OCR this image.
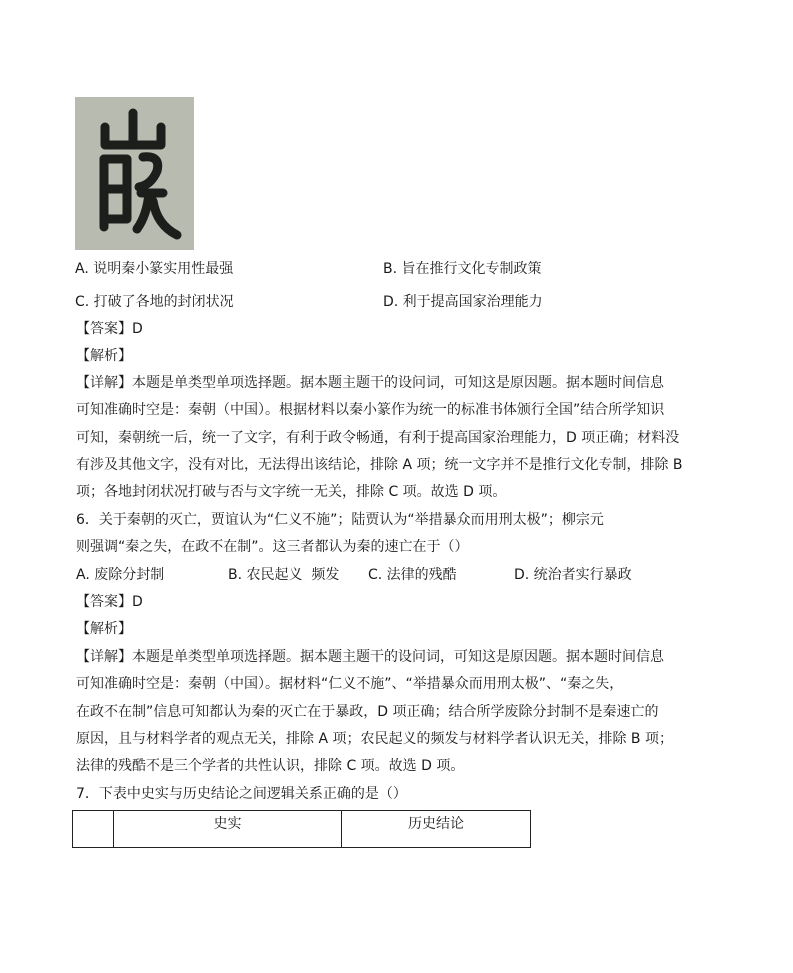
A. 说明秦小篆实用性最强	B. 旨在推行文化专制政策
C. 打破了各地的封闭状况	D. 利于提高国家治理能力
【答案】D
【解析】
【详解】本题是单类型单项选择题。据本题主题干的设问词，可知这是原因题。据本题时间信息
可知准确时空是：秦朝（中国）。根据材料以秦小篆作为统一的标准书体颁行全国”结合所学知识
可知，秦朝统一后，统一了文字，有利于政令畅通，有利于提高国家治理能力，D 项正确；材料没
有涉及其他文字，没有对比，无法得出该结论，排除 A 项；统一文字并不是推行文化专制，排除 B
项；各地封闭状况打破与否与文字统一无关，排除 C 项。故选 D 项。
6．关于秦朝的灭亡，贾谊认为“仁义不施”；陆贾认为“举措暴众而用刑太极”；柳宗元
则强调“秦之失，在政不在制”。这三者都认为秦的速亡在于（）
A. 废除分封制	B. 农民起义  频发 C. 法律的残酷	D. 统治者实行暴政
【答案】D
【解析】
【详解】本题是单类型单项选择题。据本题主题干的设问词，可知这是原因题。据本题时间信息
可知准确时空是：秦朝（中国）。据材料“仁义不施”、“举措暴众而用刑太极”、“秦之失，
在政不在制”信息可知都认为秦的灭亡在于暴政，D 项正确；结合所学废除分封制不是秦速亡的
原因，且与材料学者的观点无关，排除 A 项；农民起义的频发与材料学者认识无关，排除 B 项；
法律的残酷不是三个学者的共性认识，排除 C 项。故选 D 项。
7．下表中史实与历史结论之间逻辑关系正确的是（）
	史实	历史结论
